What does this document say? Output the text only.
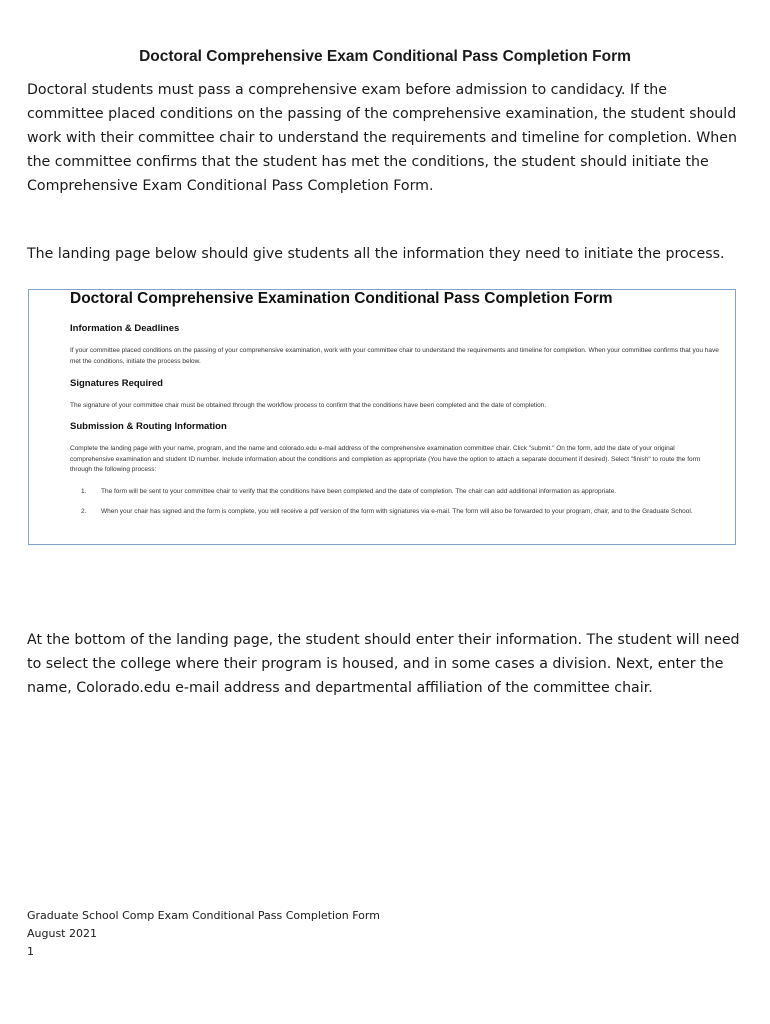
Doctoral Comprehensive Exam Conditional Pass Completion Form

Doctoral students must pass a comprehensive exam before admission to candidacy. If the committee placed conditions on the passing of the comprehensive examination, the student should work with their committee chair to understand the requirements and timeline for completion. When the committee confirms that the student has met the conditions, the student should initiate the Comprehensive Exam Conditional Pass Completion Form.

The landing page below should give students all the information they need to initiate the process.

Doctoral Comprehensive Examination Conditional Pass Completion Form
Information & Deadlines

If your committee placed conditions on the passing of your comprehensive examination, work with your committee chair to understand the requirements and timeline for completion. When your committee confirms that you have met the conditions, initiate the process below.

Signatures Required

The signature of your committee chair must be obtained through the workflow process to confirm that the conditions have been completed and the date of completion.

Submission & Routing Information

Complete the landing page with your name, program, and the name and colorado.edu e-mail address of the comprehensive examination committee chair. Click "submit." On the form, add the date of your original comprehensive examination and student ID number. Include information about the conditions and completion as appropriate (You have the option to attach a separate document if desired). Select "finish" to route the form through the following process:

1. The form will be sent to your committee chair to verify that the conditions have been completed and the date of completion. The chair can add additional information as appropriate.

2. When your chair has signed and the form is complete, you will receive a pdf version of the form with signatures via e-mail. The form will also be forwarded to your program, chair, and to the Graduate School.

At the bottom of the landing page, the student should enter their information. The student will need to select the college where their program is housed, and in some cases a division. Next, enter the name, Colorado.edu e-mail address and departmental affiliation of the committee chair.

Graduate School Comp Exam Conditional Pass Completion Form
August 2021
1
